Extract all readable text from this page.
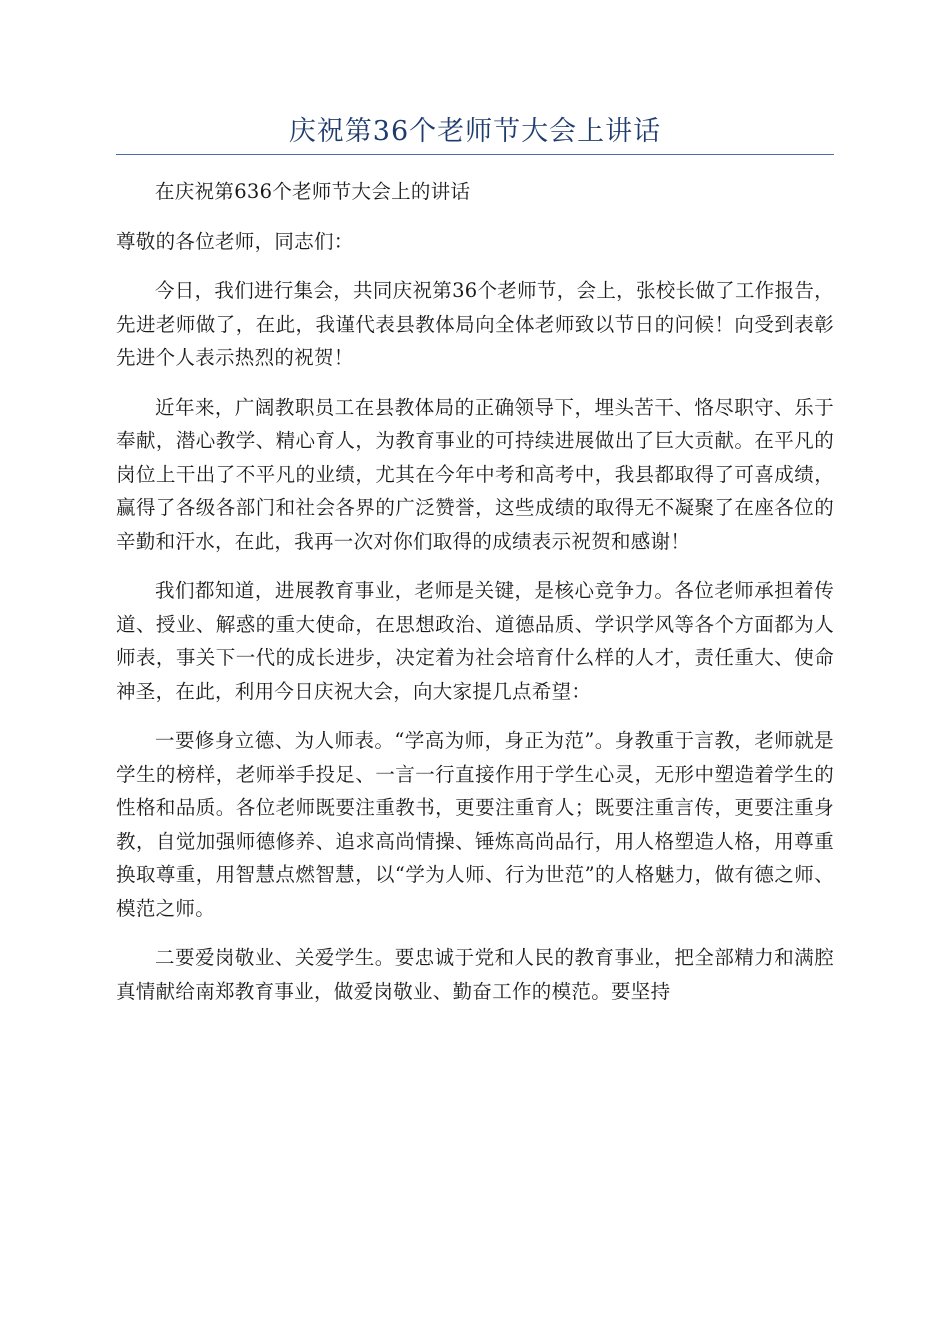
庆祝第36个老师节大会上讲话

在庆祝第636个老师节大会上的讲话

尊敬的各位老师，同志们：

今日，我们进行集会，共同庆祝第36个老师节，会上，张校长做了工作报告，先进老师做了，在此，我谨代表县教体局向全体老师致以节日的问候！向受到表彰先进个人表示热烈的祝贺！

近年来，广阔教职员工在县教体局的正确领导下，埋头苦干、恪尽职守、乐于奉献，潜心教学、精心育人，为教育事业的可持续进展做出了巨大贡献。在平凡的岗位上干出了不平凡的业绩，尤其在今年中考和高考中，我县都取得了可喜成绩，赢得了各级各部门和社会各界的广泛赞誉，这些成绩的取得无不凝聚了在座各位的辛勤和汗水，在此，我再一次对你们取得的成绩表示祝贺和感谢！

我们都知道，进展教育事业，老师是关键，是核心竞争力。各位老师承担着传道、授业、解惑的重大使命，在思想政治、道德品质、学识学风等各个方面都为人师表，事关下一代的成长进步，决定着为社会培育什么样的人才，责任重大、使命神圣，在此，利用今日庆祝大会，向大家提几点希望：

一要修身立德、为人师表。“学高为师，身正为范”。身教重于言教，老师就是学生的榜样，老师举手投足、一言一行直接作用于学生心灵，无形中塑造着学生的性格和品质。各位老师既要注重教书，更要注重育人；既要注重言传，更要注重身教，自觉加强师德修养、追求高尚情操、锤炼高尚品行，用人格塑造人格，用尊重换取尊重，用智慧点燃智慧，以“学为人师、行为世范”的人格魅力，做有德之师、模范之师。

二要爱岗敬业、关爱学生。要忠诚于党和人民的教育事业，把全部精力和满腔真情献给南郑教育事业，做爱岗敬业、勤奋工作的模范。要坚持
